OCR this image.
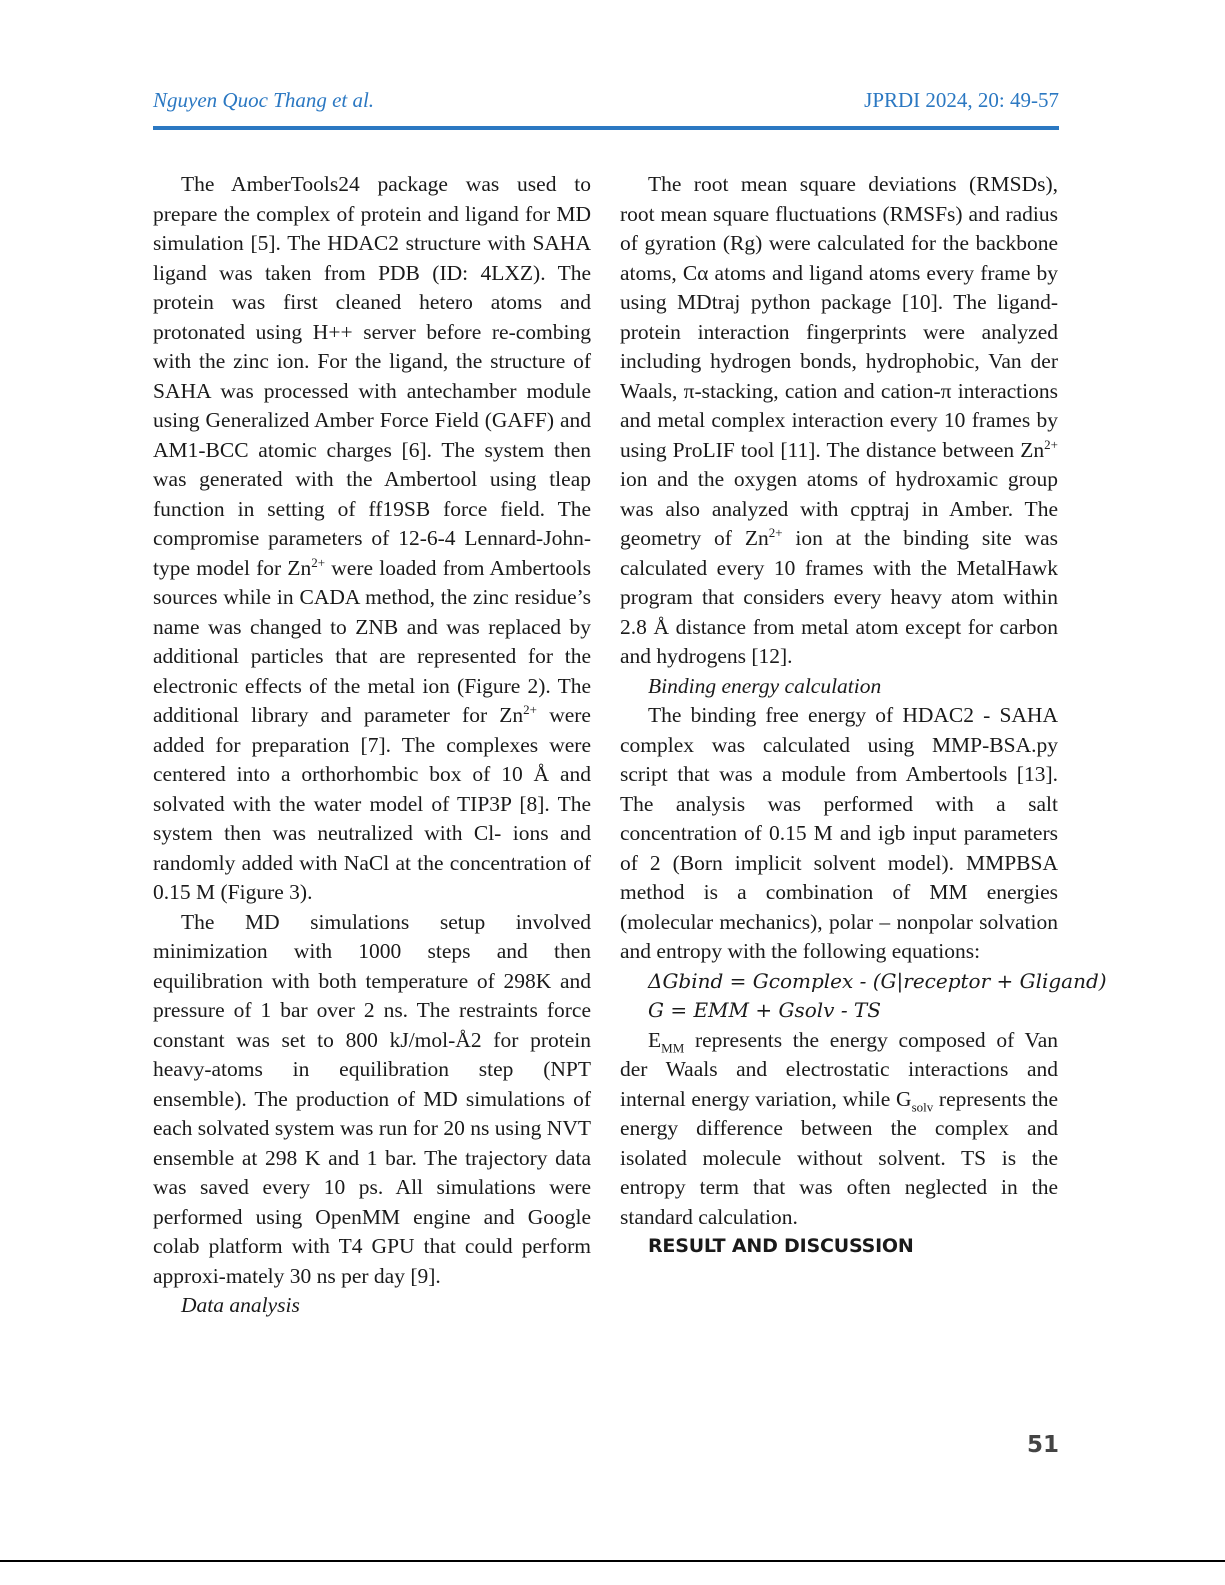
Nguyen Quoc Thang et al.	JPRDI 2024, 20: 49-57

The AmberTools24 package was used to prepare the complex of protein and ligand for MD simulation [5]. The HDAC2 structure with SAHA ligand was taken from PDB (ID: 4LXZ). The protein was first cleaned hetero atoms and protonated using H++ server before re-combing with the zinc ion. For the ligand, the structure of SAHA was processed with antechamber module using Generalized Amber Force Field (GAFF) and AM1-BCC atomic charges [6]. The system then was generated with the Ambertool using tleap function in setting of ff19SB force field. The compromise parameters of 12-6-4 Lennard-John-type model for $Zn^{2+}$ were loaded from Ambertools sources while in CADA method, the zinc residue’s name was changed to ZNB and was replaced by additional particles that are represented for the electronic effects of the metal ion (Figure 2). The additional library and parameter for $Zn^{2+}$ were added for preparation [7]. The complexes were centered into a orthorhombic box of 10 Å and solvated with the water model of TIP3P [8]. The system then was neutralized with Cl- ions and randomly added with NaCl at the concentration of 0.15 M (Figure 3).

The MD simulations setup involved minimization with 1000 steps and then equilibration with both temperature of 298K and pressure of 1 bar over 2 ns. The restraints force constant was set to 800 kJ/mol-Å2 for protein heavy-atoms in equilibration step (NPT ensemble). The production of MD simulations of each solvated system was run for 20 ns using NVT ensemble at 298 K and 1 bar. The trajectory data was saved every 10 ps. All simulations were performed using OpenMM engine and Google colab platform with T4 GPU that could perform approxi-mately 30 ns per day [9].

Data analysis

The root mean square deviations (RMSDs), root mean square fluctuations (RMSFs) and radius of gyration (Rg) were calculated for the backbone atoms, Cα atoms and ligand atoms every frame by using MDtraj python package [10]. The ligand-protein interaction fingerprints were analyzed including hydrogen bonds, hydrophobic, Van der Waals, π-stacking, cation and cation-π interactions and metal complex interaction every 10 frames by using ProLIF tool [11]. The distance between $Zn^{2+}$ ion and the oxygen atoms of hydroxamic group was also analyzed with cpptraj in Amber. The geometry of $Zn^{2+}$ ion at the binding site was calculated every 10 frames with the MetalHawk program that considers every heavy atom within 2.8 Å distance from metal atom except for carbon and hydrogens [12].

Binding energy calculation

The binding free energy of HDAC2 - SAHA complex was calculated using MMP-BSA.py script that was a module from Ambertools [13]. The analysis was performed with a salt concentration of 0.15 M and igb input parameters of 2 (Born implicit solvent model). MMPBSA method is a combination of MM energies (molecular mechanics), polar – nonpolar solvation and entropy with the following equations:

ΔGbind = Gcomplex - (G|receptor + Gligand)
G = EMM + Gsolv - TS

$E_{MM}$ represents the energy composed of Van der Waals and electrostatic interactions and internal energy variation, while $G_{solv}$ represents the energy difference between the complex and isolated molecule without solvent. TS is the entropy term that was often neglected in the standard calculation.

RESULT AND DISCUSSION
51
